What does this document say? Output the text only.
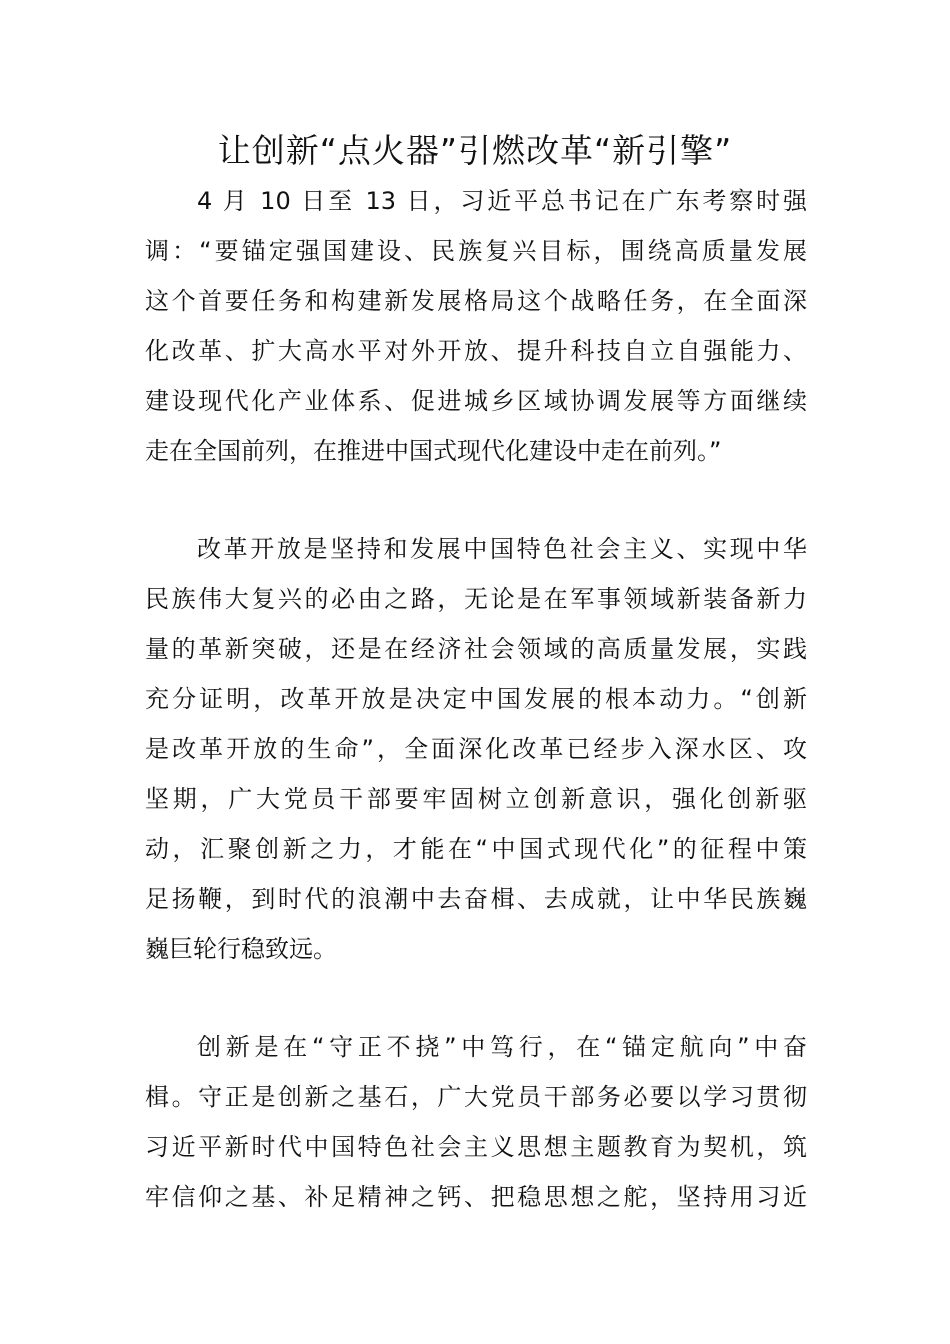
让创新“点火器”引燃改革“新引擎”
4 月 10 日至 13 日，习近平总书记在广东考察时强
调：“要锚定强国建设、民族复兴目标，围绕高质量发展
这个首要任务和构建新发展格局这个战略任务，在全面深
化改革、扩大高水平对外开放、提升科技自立自强能力、
建设现代化产业体系、促进城乡区域协调发展等方面继续
走在全国前列，在推进中国式现代化建设中走在前列。”
改革开放是坚持和发展中国特色社会主义、实现中华
民族伟大复兴的必由之路，无论是在军事领域新装备新力
量的革新突破，还是在经济社会领域的高质量发展，实践
充分证明，改革开放是决定中国发展的根本动力。“创新
是改革开放的生命”，全面深化改革已经步入深水区、攻
坚期，广大党员干部要牢固树立创新意识，强化创新驱
动，汇聚创新之力，才能在“中国式现代化”的征程中策
足扬鞭，到时代的浪潮中去奋楫、去成就，让中华民族巍
巍巨轮行稳致远。
创新是在“守正不挠”中笃行，在“锚定航向”中奋
楫。守正是创新之基石，广大党员干部务必要以学习贯彻
习近平新时代中国特色社会主义思想主题教育为契机，筑
牢信仰之基、补足精神之钙、把稳思想之舵，坚持用习近
